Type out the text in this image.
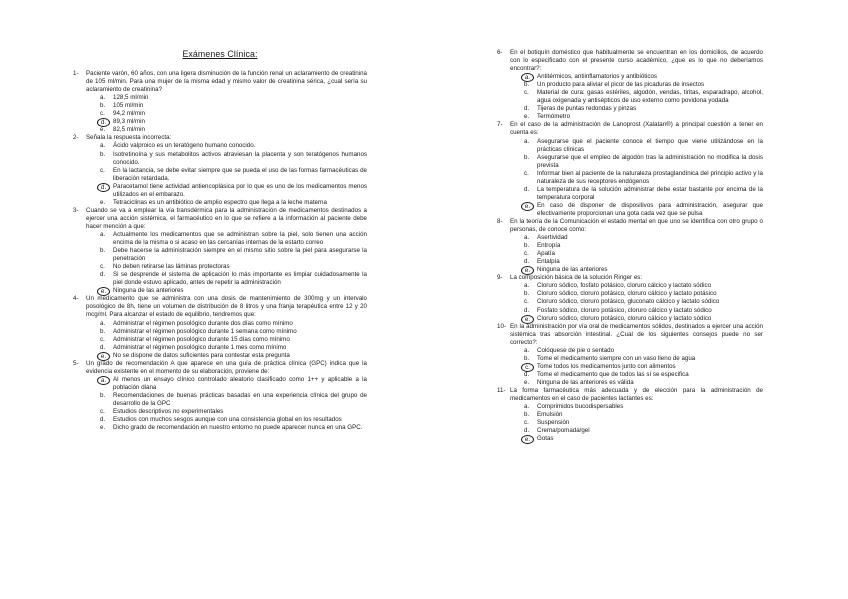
Exámenes Clínica:
1- Paciente varón, 60 años, con una ligera disminución de la función renal un aclaramiento de creatinina de 105 ml/min. Para una mujer de la misma edad y mismo valor de creatinina sérica, ¿cual sería su aclaramiento de creatinina?
a.	128,5 ml/min
b.	105 ml/min
c.	94,2 ml/min
d.	89,3 ml/min
e.	82,5 ml/min
2- Señala la respuesta incorrecta:
a.	Ácido valproico es un teratógeno humano conocido.
b.	Isotretinoína y sus metabolitos activos atraviesan la placenta y son teratógenos humanos conocido.
c.	En la lactancia, se debe evitar siempre que se pueda el uso de las formas farmacéuticas de liberación retardada.
d.	Paracetamol tiene actividad antiencoplásica por lo que es uno de los medicamentos menos utilizados en el embarazo.
e.	Tetraciclinas es un antibiótico de amplio espectro que llega a la leche materna
3- Cuando se va a emplear la vía transdérmica para la administración de medicamentos destinados a ejercer una acción sistémica, el farmacéutico en lo que se refiere a la información al paciente debe hacer mención a que:
a.	Actualmente los medicamentos que se administran sobre la piel, solo tienen una acción encima de la misma o si acaso en las cercanías internas de la estarto correo
b.	Debe hacerse la administración siempre en el mismo sitio sobre la piel para asegurarse la penetración
c.	No deben retirarse las láminas protectoras
d.	Si se desprende el sistema de aplicación lo más importante es limpiar cuidadosamente la piel donde estuvo aplicado, antes de repetir la administración
e.	Ninguna de las anteriores
4- Un medicamento que se administra con una dosis de mantenimiento de 300mg y un intervalo posológico de 8h, tiene un volumen de distribución de 8 litros y una franja terapéutica entre 12 y 20 mcg/ml. Para alcanzar el estado de equilibrio, tendremos que:
a.	Administrar el régimen posológico durante dos días como mínimo
b.	Administrar el régimen posológico durante 1 semana como mínimo
c.	Administrar el régimen posológico durante 15 días como mínimo
d.	Administrar el régimen posológico durante 1 mes como mínimo
e.	No se dispone de datos suficientes para contestar esta pregunta
5- Un grado de recomendación A que aparece en una guía de práctica clínica (GPC) indica que la evidencia existente en el momento de su elaboración, proviene de:
a.	Al menos un ensayo clínico controlado aleatorio clasificado como 1++ y aplicable a la población diana
b.	Recomendaciones de buenas prácticas basadas en una experiencia clínica del grupo de desarrollo de la GPC
c.	Estudios descriptivos no experimentales
d.	Estudios con muchos sesgos aunque con una consistencia global en los resultados
e.	Dicho grado de recomendación en nuestro entorno no puede aparecer nunca en una GPC.
6- En el botiquín doméstico que habitualmente se encuentran en los domicilios, de acuerdo con lo especificado con el presente curso académico, ¿que es lo que no deberíamos encontrar?:
a.	Antitérmicos, antiinflamatorios y antibióticos
b.	Un producto para aliviar el picor de las picaduras de insectos
c.	Material de cura: gasas estériles, algodón, vendas, tiritas, esparadrapo, alcohol, agua oxigenada y antisépticos de uso externo como povidona yodada
d.	Tijeras de puntas redondas y pinzas
e.	Termómetro
7- En el caso de la administración de Lanoprost (Xalatan®) a principal cuestión a tener en cuenta es:
a.	Asegurarse que el paciente conoce el tiempo que viene utilizándose en la prácticas clínicas
b.	Asegurarse que el empleo de algodón tras la administración no modifica la dosis prevista
c.	Informar bien al paciente de la naturaleza prostaglandínica del principio activo y la naturaleza de sus receptores endógenos
d.	La temperatura de la solución administrar debe estar bastante por encima de la temperatura corporal
e.	En caso de disponer de dispositivos para administración, asegurar que efectivamente proporcionan una gota cada vez que se pulsa
8- En la teoría de la Comunicación el estado mental en que uno se identifica con otro grupo o personas, de conoce como:
a.	Asertividad
b.	Entropía
c.	Apatía
d.	Entalpía
e.	Ninguna de las anteriores
9- La composición básica de la solución Ringer es:
a.	Cloruro sódico, fosfato potásico, cloruro cálcico y lactato sódico
b.	Cloruro sódico, cloruro potásico, cloruro cálcico y lactato potásico
c.	Cloruro sódico, cloruro potásico, gluconato cálcico y lactato sódico
d.	Fosfato sódico, cloruro potásico, cloruro cálcico y lactato sódico
e.	Cloruro sódico, cloruro potásico, cloruro cálcico y lactato sódico
10- En la administración por vía oral de medicamentos sólidos, destinados a ejercer una acción sistémica tras absorción intestinal. ¿Cual de los siguientes consejos puede no ser correcto?:
a.	Colóquese de pie o sentado
b.	Tome el medicamento siempre con un vaso lleno de agua
c.	Tome todos los medicamentos junto con alimentos
d.	Tome el medicamento que de todos las sí se especifica
e.	Ninguna de las anteriores es válida
11- La forma farmacéutica más adecuada y de elección para la administración de medicamentos en el caso de pacientes lactantes es:
a.	Comprimidos bucodispersables
b.	Emulsión
c.	Suspensión
d.	Crema/pomada/gel
e.	Gotas
